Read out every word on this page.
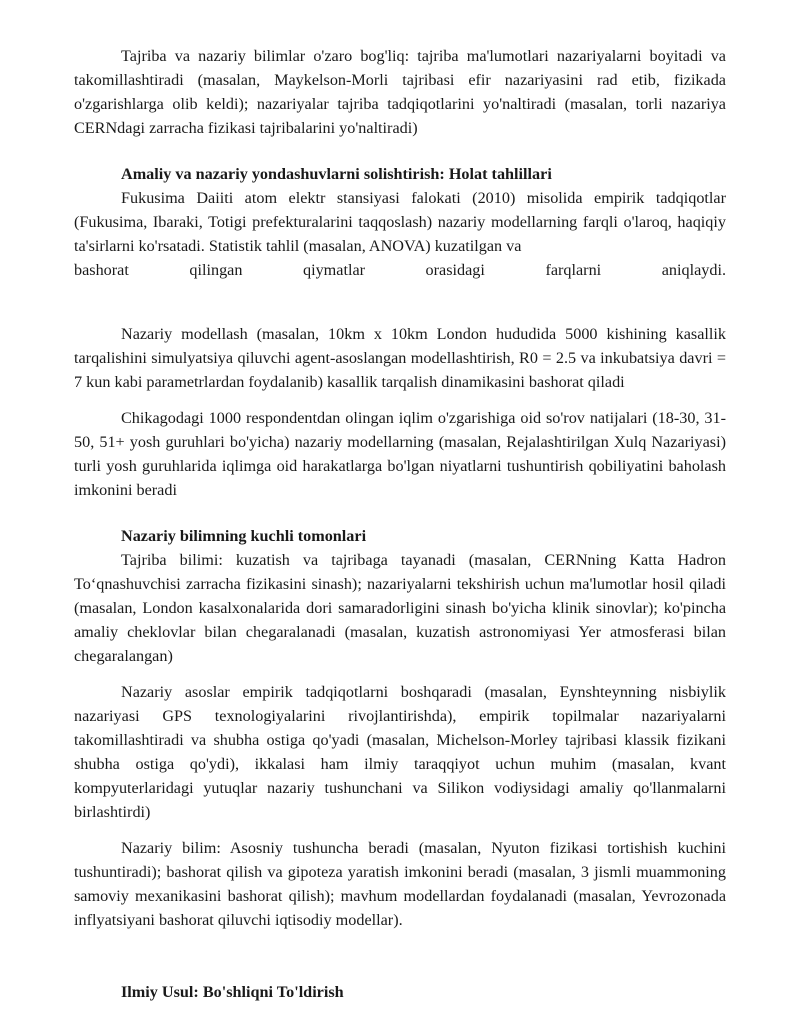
Tajriba va nazariy bilimlar o'zaro bog'liq: tajriba ma'lumotlari nazariyalarni boyitadi va takomillashtiradi (masalan, Maykelson-Morli tajribasi efir nazariyasini rad etib, fizikada o'zgarishlarga olib keldi); nazariyalar tajriba tadqiqotlarini yo'naltiradi (masalan, torli nazariya CERNdagi zarracha fizikasi tajribalarini yo'naltiradi)

Amaliy va nazariy yondashuvlarni solishtirish: Holat tahlillari

Fukusima Daiiti atom elektr stansiyasi falokati (2010) misolida empirik tadqiqotlar (Fukusima, Ibaraki, Totigi prefekturalarini taqqoslash) nazariy modellarning farqli o'laroq, haqiqiy ta'sirlarni ko'rsatadi. Statistik tahlil (masalan, ANOVA) kuzatilgan va

bashorat qilingan qiymatlar orasidagi farqlarni aniqlaydi.

Nazariy modellash (masalan, 10km x 10km London hududida 5000 kishining kasallik tarqalishini simulyatsiya qiluvchi agent-asoslangan modellashtirish, R0 = 2.5 va inkubatsiya davri = 7 kun kabi parametrlardan foydalanib) kasallik tarqalish dinamikasini bashorat qiladi

Chikagodagi 1000 respondentdan olingan iqlim o'zgarishiga oid so'rov natijalari (18-30, 31-50, 51+ yosh guruhlari bo'yicha) nazariy modellarning (masalan, Rejalashtirilgan Xulq Nazariyasi) turli yosh guruhlarida iqlimga oid harakatlarga bo'lgan niyatlarni tushuntirish qobiliyatini baholash imkonini beradi

Nazariy bilimning kuchli tomonlari

Tajriba bilimi: kuzatish va tajribaga tayanadi (masalan, CERNning Katta Hadron To‘qnashuvchisi zarracha fizikasini sinash); nazariyalarni tekshirish uchun ma'lumotlar hosil qiladi (masalan, London kasalxonalarida dori samaradorligini sinash bo'yicha klinik sinovlar); ko'pincha amaliy cheklovlar bilan chegaralanadi (masalan, kuzatish astronomiyasi Yer atmosferasi bilan chegaralangan)

Nazariy asoslar empirik tadqiqotlarni boshqaradi (masalan, Eynshteynning nisbiylik nazariyasi GPS texnologiyalarini rivojlantirishda), empirik topilmalar nazariyalarni takomillashtiradi va shubha ostiga qo'yadi (masalan, Michelson-Morley tajribasi klassik fizikani shubha ostiga qo'ydi), ikkalasi ham ilmiy taraqqiyot uchun muhim (masalan, kvant kompyuterlaridagi yutuqlar nazariy tushunchani va Silikon vodiysidagi amaliy qo'llanmalarni birlashtirdi)

Nazariy bilim: Asosniy tushuncha beradi (masalan, Nyuton fizikasi tortishish kuchini tushuntiradi); bashorat qilish va gipoteza yaratish imkonini beradi (masalan, 3 jismli muammoning samoviy mexanikasini bashorat qilish); mavhum modellardan foydalanadi (masalan, Yevrozonada inflyatsiyani bashorat qiluvchi iqtisodiy modellar).

Ilmiy Usul: Bo'shliqni To'ldirish
